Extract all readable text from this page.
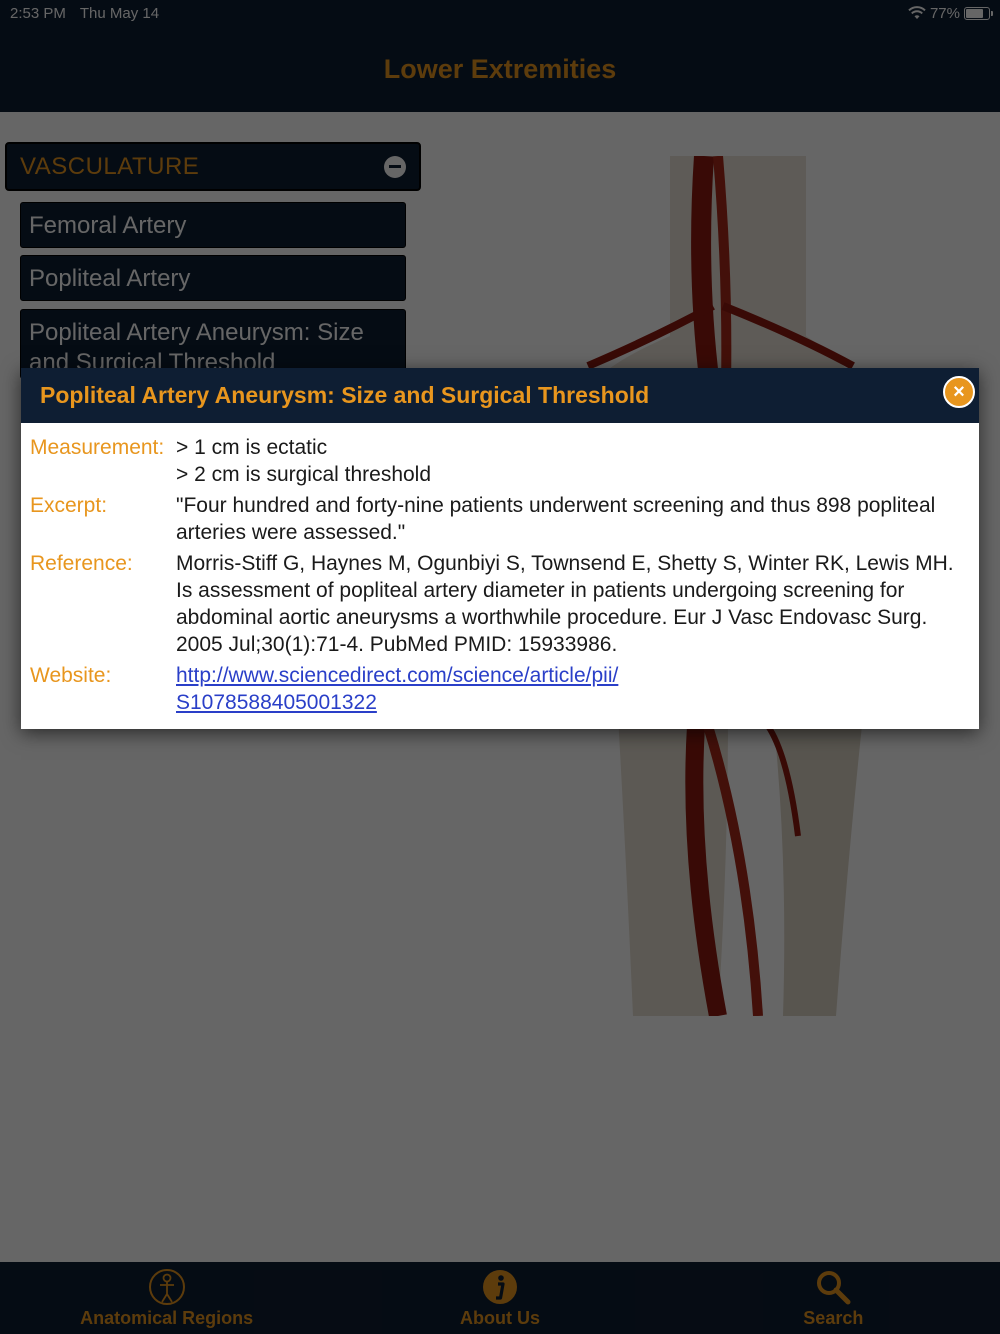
Popliteal Artery Aneurysm: Size and Surgical Threshold	×
Measurement: > 1 cm is ectatic
> 2 cm is surgical threshold
Excerpt:	"Four hundred and forty-nine patients underwent screening and thus 898 popliteal arteries were assessed."
Reference:	Morris-Stiff G, Haynes M, Ogunbiyi S, Townsend E, Shetty S, Winter RK, Lewis MH. Is assessment of popliteal artery diameter in patients undergoing screening for abdominal aortic aneurysms a worthwhile procedure. Eur J Vasc Endovasc Surg. 2005 Jul;30(1):71-4. PubMed PMID: 15933986.
Website:	http://www.sciencedirect.com/science/article/pii/
S1078588405001322
